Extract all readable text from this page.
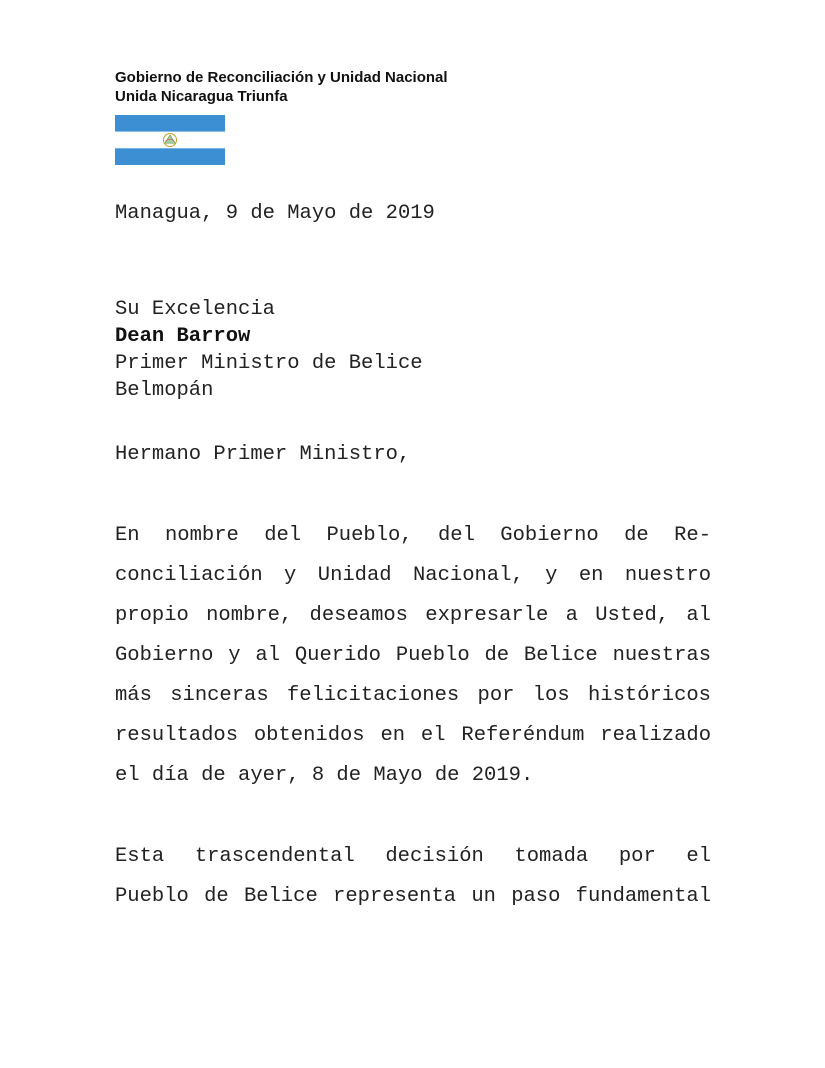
Gobierno de Reconciliación y Unidad Nacional
Unida Nicaragua Triunfa
Managua, 9 de Mayo de 2019
Su Excelencia
Dean Barrow
Primer Ministro de Belice
Belmopán
Hermano Primer Ministro,
En nombre del Pueblo, del Gobierno de Re-
conciliación y Unidad Nacional, y en nuestro
propio nombre, deseamos expresarle a Usted, al
Gobierno y al Querido Pueblo de Belice nuestras
más sinceras felicitaciones por los históricos
resultados obtenidos en el Referéndum realizado
el día de ayer, 8 de Mayo de 2019.
Esta trascendental decisión tomada por el
Pueblo de Belice representa un paso fundamental
